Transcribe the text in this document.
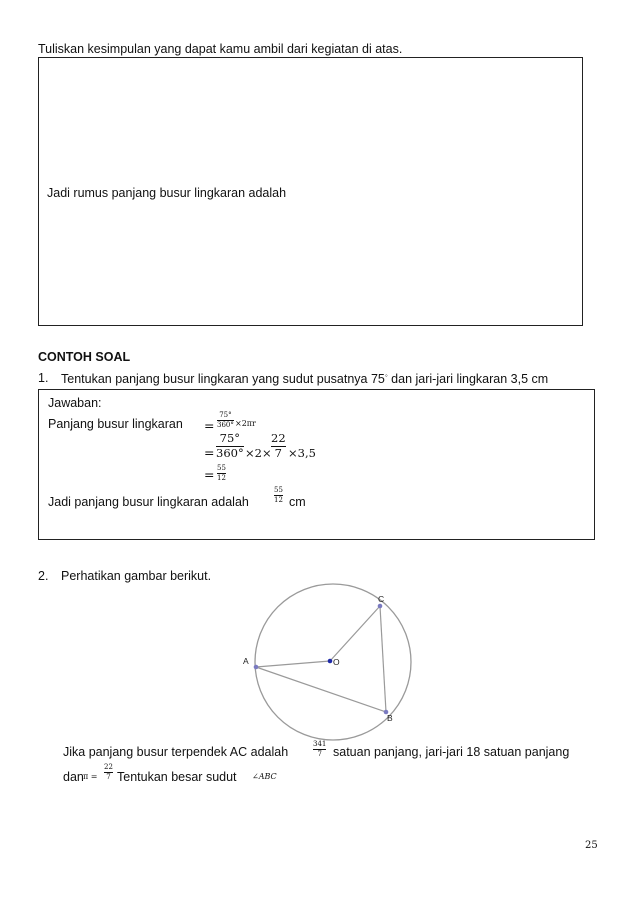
Tuliskan kesimpulan yang dapat kamu ambil dari kegiatan di atas.
Jadi rumus panjang busur lingkaran adalah
CONTOH SOAL
1. Tentukan panjang busur lingkaran yang sudut pusatnya 75◦ dan jari-jari lingkaran 3,5 cm
Jawaban:
Panjang busur lingkaran =
75°
360° ×2πr
=
75°
360° ×2×
22
7 ×3,5
= 55
12
Jadi panjang busur lingkaran adalah
55
12 cm
2. Perhatikan gambar berikut.
A	O
C
B
Jika panjang busur terpendek AC adalah
341
7 satuan panjang, jari-jari 18 satuan panjang
dan π =
22
7 Tentukan besar sudut ∠ABC
25
